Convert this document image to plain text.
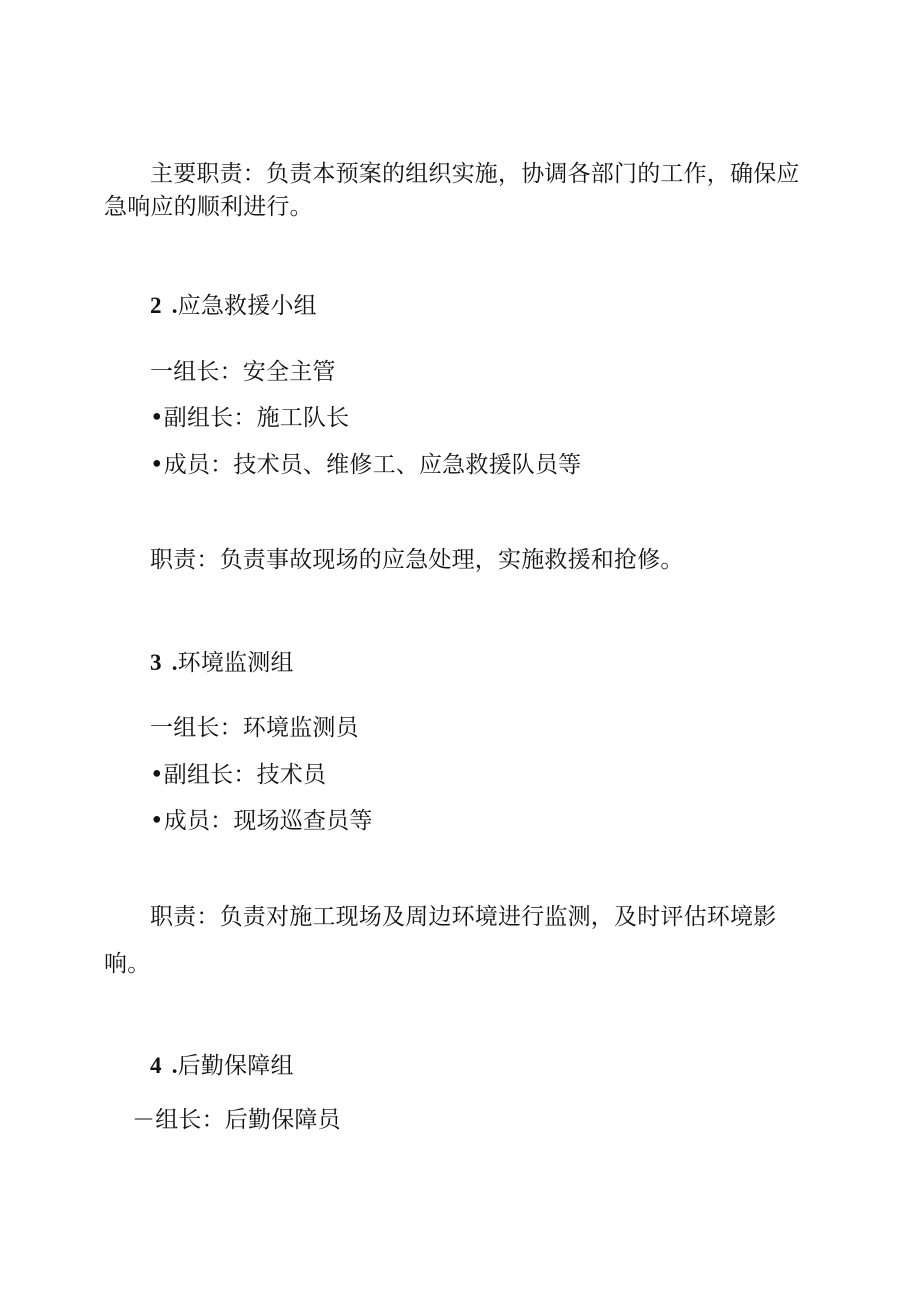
主要职责：负责本预案的组织实施，协调各部门的工作，确保应
急响应的顺利进行。
2 .应急救援小组
一组长：安全主管
•副组长：施工队长
•成员：技术员、维修工、应急救援队员等
职责：负责事故现场的应急处理，实施救援和抢修。
3 .环境监测组
一组长：环境监测员
•副组长：技术员
•成员：现场巡查员等
职责：负责对施工现场及周边环境进行监测，及时评估环境影
响。
4 .后勤保障组
－组长：后勤保障员
